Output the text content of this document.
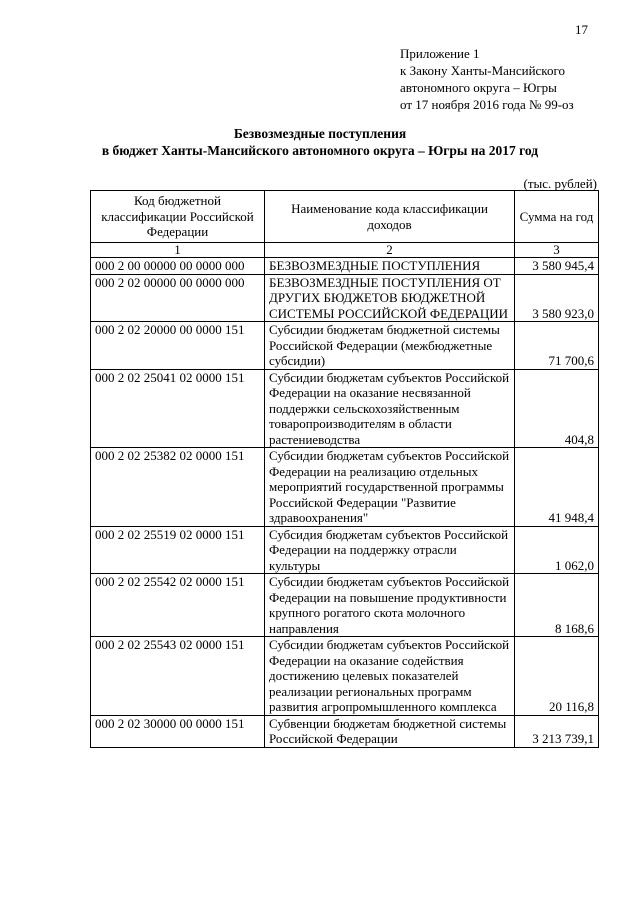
17
Приложение 1
к Закону Ханты-Мансийского
автономного округа – Югры
от 17 ноября 2016 года № 99-оз
Безвозмездные поступления
в бюджет Ханты-Мансийского автономного округа – Югры на 2017 год
(тыс. рублей)
Код бюджетной классификации Российской Федерации	Наименование кода классификации доходов	Сумма на год
1	2	3
000 2 00 00000 00 0000 000	БЕЗВОЗМЕЗДНЫЕ ПОСТУПЛЕНИЯ	3 580 945,4
000 2 02 00000 00 0000 000	БЕЗВОЗМЕЗДНЫЕ ПОСТУПЛЕНИЯ ОТ ДРУГИХ БЮДЖЕТОВ БЮДЖЕТНОЙ СИСТЕМЫ РОССИЙСКОЙ ФЕДЕРАЦИИ	3 580 923,0
000 2 02 20000 00 0000 151	Субсидии бюджетам бюджетной системы Российской Федерации (межбюджетные субсидии)	71 700,6
000 2 02 25041 02 0000 151	Субсидии бюджетам субъектов Российской Федерации на оказание несвязанной поддержки сельскохозяйственным товаропроизводителям в области растениеводства	404,8
000 2 02 25382 02 0000 151	Субсидии бюджетам субъектов Российской Федерации на реализацию отдельных мероприятий государственной программы Российской Федерации "Развитие здравоохранения"	41 948,4
000 2 02 25519 02 0000 151	Субсидия бюджетам субъектов Российской Федерации на поддержку отрасли культуры	1 062,0
000 2 02 25542 02 0000 151	Субсидии бюджетам субъектов Российской Федерации на повышение продуктивности крупного рогатого скота молочного направления	8 168,6
000 2 02 25543 02 0000 151	Субсидии бюджетам субъектов Российской Федерации на оказание содействия достижению целевых показателей реализации региональных программ развития агропромышленного комплекса	20 116,8
000 2 02 30000 00 0000 151	Субвенции бюджетам бюджетной системы Российской Федерации	3 213 739,1
